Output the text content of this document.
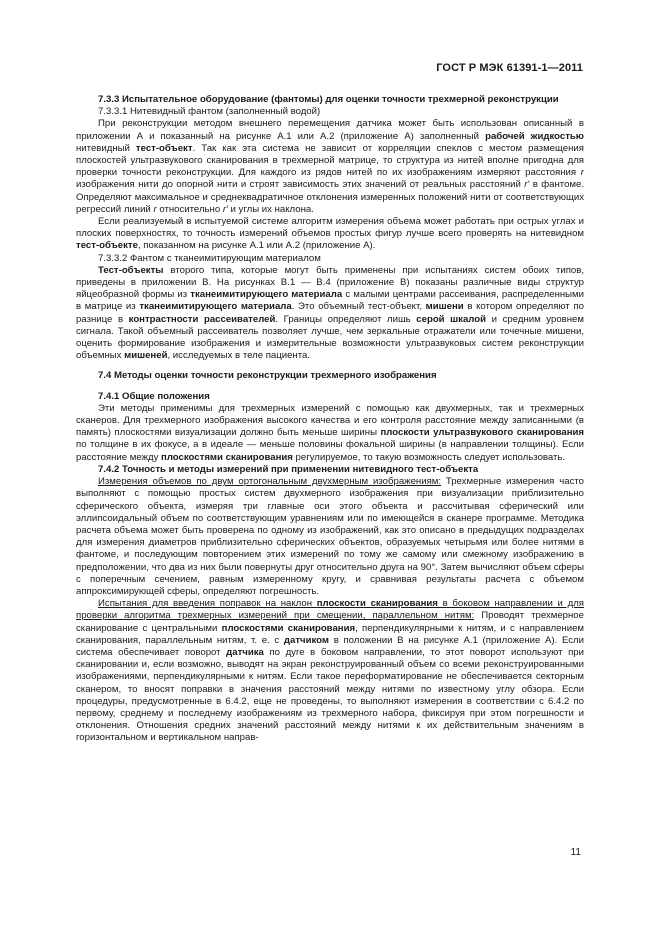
ГОСТ Р МЭК 61391-1—2011

7.3.3 Испытательное оборудование (фантомы) для оценки точности трехмерной реконструкции

7.3.3.1 Нитевидный фантом (заполненный водой)

При реконструкции методом внешнего перемещения датчика может быть использован описанный в приложении А и показанный на рисунке А.1 или А.2 (приложение А) заполненный рабочей жидкостью нитевидный тест-объект. Так как эта система не зависит от корреляции спеклов с местом размещения плоскостей ультразвукового сканирования в трехмерной матрице, то структура из нитей вполне пригодна для проверки точности реконструкции. Для каждого из рядов нитей по их изображениям измеряют расстояния r изображения нити до опорной нити и строят зависимость этих значений от реальных расстояний r′ в фантоме. Определяют максимальное и среднеквадратичное отклонения измеренных положений нити от соответствующих регрессий линий r относительно r′ и углы их наклона.

Если реализуемый в испытуемой системе алгоритм измерения объема может работать при острых углах и плоских поверхностях, то точность измерений объемов простых фигур лучше всего проверять на нитевидном тест-объекте, показанном на рисунке А.1 или А.2 (приложение А).

7.3.3.2 Фантом с тканеимитирующим материалом

Тест-объекты второго типа, которые могут быть применены при испытаниях систем обоих типов, приведены в приложении В. На рисунках В.1 — В.4 (приложение В) показаны различные виды структур яйцеобразной формы из тканеимитирующего материала с малыми центрами рассеивания, распределенными в матрице из тканеимитирующего материала. Это объемный тест-объект, мишени в котором определяют по разнице в контрастности рассеивателей. Границы определяют лишь серой шкалой и средним уровнем сигнала. Такой объемный рассеиватель позволяет лучше, чем зеркальные отражатели или точечные мишени, оценить формирование изображения и измерительные возможности ультразвуковых систем реконструкции объемных мишеней, исследуемых в теле пациента.

7.4 Методы оценки точности реконструкции трехмерного изображения

7.4.1 Общие положения

Эти методы применимы для трехмерных измерений с помощью как двухмерных, так и трехмерных сканеров. Для трехмерного изображения высокого качества и его контроля расстояние между записанными (в память) плоскостями визуализации должно быть меньше ширины плоскости ультразвукового сканирования по толщине в их фокусе, а в идеале — меньше половины фокальной ширины (в направлении толщины). Если расстояние между плоскостями сканирования регулируемое, то такую возможность следует использовать.

7.4.2 Точность и методы измерений при применении нитевидного тест-объекта

Измерения объемов по двум ортогональным двухмерным изображениям: Трехмерные измерения часто выполняют с помощью простых систем двухмерного изображения при визуализации приблизительно сферического объекта, измеряя три главные оси этого объекта и рассчитывая сферический или эллипсоидальный объем по соответствующим уравнениям или по имеющейся в сканере программе. Методика расчета объема может быть проверена по одному из изображений, как это описано в предыдущих подразделах для измерения диаметров приблизительно сферических объектов, образуемых четырьмя или более нитями в фантоме, и последующим повторением этих измерений по тому же самому или смежному изображению в предположении, что два из них были повернуты друг относительно друга на 90°. Затем вычисляют объем сферы с поперечным сечением, равным измеренному кругу, и сравнивая результаты расчета с объемом аппроксимирующей сферы, определяют погрешность.

Испытания для введения поправок на наклон плоскости сканирования в боковом направлении и для проверки алгоритма трехмерных измерений при смещении, параллельном нитям: Проводят трехмерное сканирование с центральными плоскостями сканирования, перпендикулярными к нитям, и с направлением сканирования, параллельным нитям, т. е. с датчиком в положении В на рисунке А.1 (приложение А). Если система обеспечивает поворот датчика по дуге в боковом направлении, то этот поворот используют при сканировании и, если возможно, выводят на экран реконструированный объем со всеми реконструированными изображениями, перпендикулярными к нитям. Если такое переформатирование не обеспечивается секторным сканером, то вносят поправки в значения расстояний между нитями по известному углу обзора. Если процедуры, предусмотренные в 6.4.2, еще не проведены, то выполняют измерения в соответствии с 6.4.2 по первому, среднему и последнему изображениям из трехмерного набора, фиксируя при этом погрешности и отклонения. Отношения средних значений расстояний между нитями к их действительным значениям в горизонтальном и вертикальном направ-

11
